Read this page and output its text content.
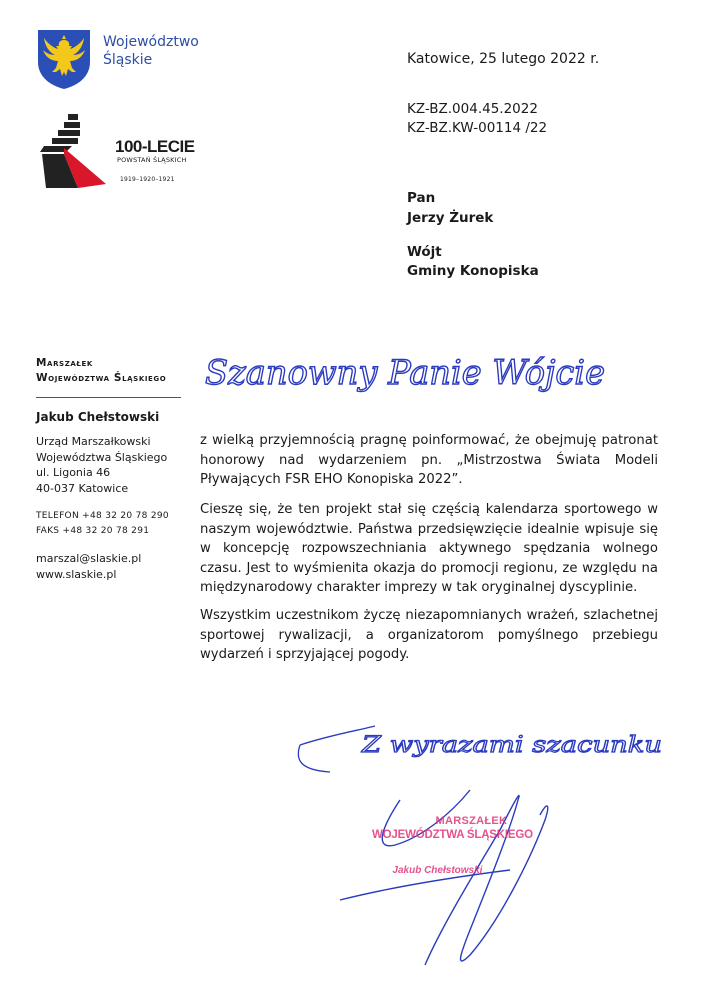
Województwo
Śląskie
100-LECIE
POWSTAŃ ŚLĄSKICH
1919–1920–1921
Katowice, 25 lutego 2022 r.
KZ-BZ.004.45.2022
KZ-BZ.KW-00114 /22
Pan
Jerzy Żurek
Wójt
Gminy Konopiska
Marszałek
Województwa Śląskiego
Jakub Chełstowski
Urząd Marszałkowski
Województwa Śląskiego
ul. Ligonia 46
40-037 Katowice
TELEFON +48 32 20 78 290
FAKS +48 32 20 78 291
marszal@slaskie.pl
www.slaskie.pl
z wielką przyjemnością pragnę poinformować, że obejmuję patronat honorowy nad wydarzeniem pn. „Mistrzostwa Świata Modeli Pływających FSR EHO Konopiska 2022”.
Cieszę się, że ten projekt stał się częścią kalendarza sportowego w naszym województwie. Państwa przedsięwzięcie idealnie wpisuje się w koncepcję rozpowszechniania aktywnego spędzania wolnego czasu. Jest to wyśmienita okazja do promocji regionu, ze względu na międzynarodowy charakter imprezy w tak oryginalnej dyscyplinie.
Wszystkim uczestnikom życzę niezapomnianych wrażeń, szlachetnej sportowej rywalizacji, a organizatorom pomyślnego przebiegu wydarzeń i sprzyjającej pogody.
Szanowny Panie Wójcie
Z wyrazami szacunku
MARSZAŁEK
WOJEWÓDZTWA ŚLĄSKIEGO
Jakub Chełstowski
